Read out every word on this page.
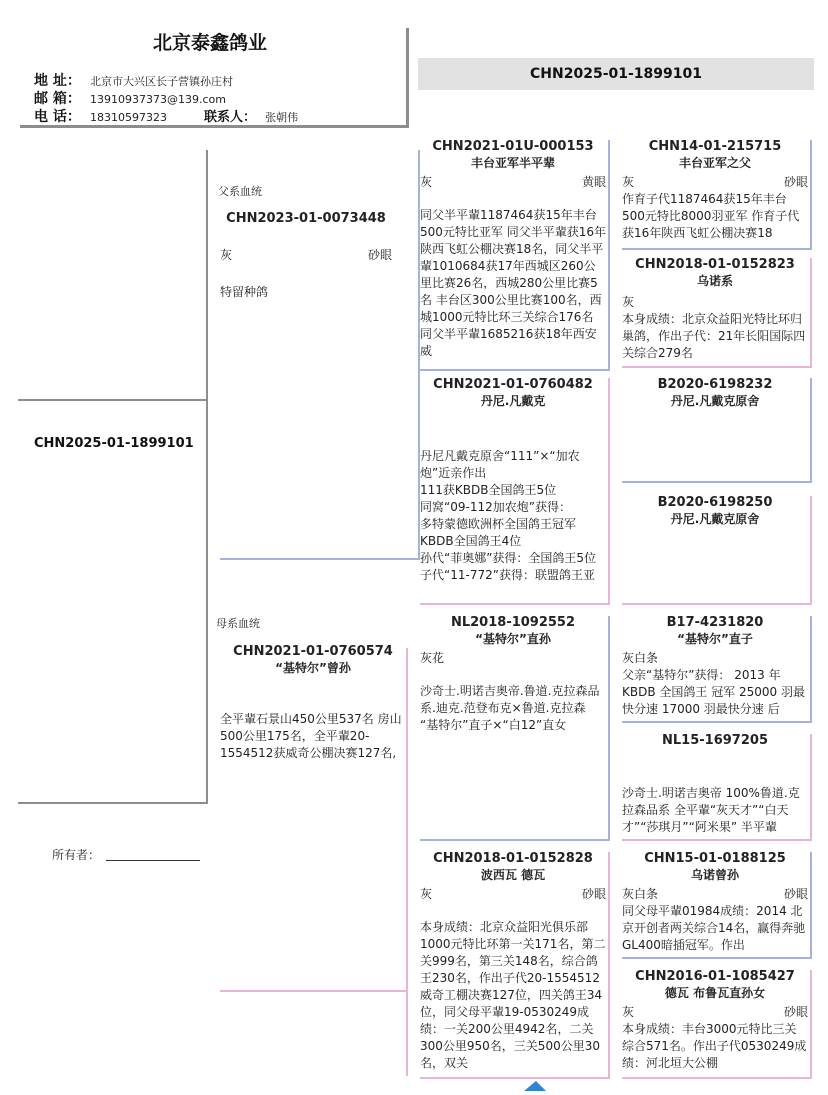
北京泰鑫鸽业
地 址： 北京市大兴区长子营镇孙庄村
邮 箱： 13910937373@139.com
电 话： 18310597323	联系人： 张朝伟
CHN2025-01-1899101
CHN2025-01-1899101
所有者：
父系血统
CHN2023-01-0073448
灰	砂眼
特留种鸽
母系血统
CHN2021-01-0760574
“基特尔”曾孙
全平輩石景山450公里537名 房山500公里175名，全平輩20-1554512获威奇公棚决赛127名,
CHN2021-01U-000153
丰台亚军半平辈
灰	黄眼
同父半平輩1187464获15年丰台500元特比亚军 同父半平輩获16年陕西飞虹公棚决赛18名，同父半平輩1010684获17年西城区260公里比赛26名，西城280公里比赛5名 丰台区300公里比赛100名，西城1000元特比环三关综合176名 同父半平輩1685216获18年西安威
CHN2021-01-0760482
丹尼.凡戴克
丹尼凡戴克原舍“111”×“加农炮”近亲作出
111获KBDB全国鸽王5位
同窝“09-112加农炮”获得：
多特蒙德欧洲杯全国鸽王冠军
KBDB全国鸽王4位
孙代“菲奥娜”获得：全国鸽王5位
子代“11-772”获得：联盟鸽王亚
NL2018-1092552
“基特尔”直孙
灰花
沙奇士.明诺吉奥帝.鲁道.克拉森品系.迪克.范登布克×鲁道.克拉森 “基特尔”直子×“白12”直女
CHN2018-01-0152828
波西瓦 德瓦
灰	砂眼
本身成绩：北京众益阳光俱乐部1000元特比环第一关171名，第二关999名，第三关148名，综合鸽王230名，作出子代20-1554512威奇工棚决赛127位，四关鸽王34位，同父母平輩19-0530249成绩：一关200公里4942名，二关300公里950名，三关500公里30名，双关
CHN14-01-215715
丰台亚军之父
灰	砂眼
作育子代1187464获15年丰台500元特比8000羽亚军 作育子代获16年陕西飞虹公棚决赛18
CHN2018-01-0152823
乌诺系
灰
本身成绩：北京众益阳光特比环归巢鸽，作出子代：21年长阳国际四关综合279名
B2020-6198232
丹尼.凡戴克原舍
B2020-6198250
丹尼.凡戴克原舍
B17-4231820
“基特尔”直子
灰白条
父亲“基特尔”获得： 2013 年 KBDB 全国鸽王 冠军 25000 羽最快分速 17000 羽最快分速 后
NL15-1697205
沙奇士.明诺吉奥帝 100%鲁道.克拉森品系 全平輩“灰天才”“白天 才”“莎琪月”“阿米果” 半平輩
CHN15-01-0188125
乌诺曾孙
灰白条	砂眼
同父母平輩01984成绩：2014 北京开创者两关综合14名，赢得奔驰GL400暗插冠军。作出
CHN2016-01-1085427
德瓦 布鲁瓦直孙女
灰	砂眼
本身成绩：丰台3000元特比三关综合571名。作出子代0530249成绩：河北垣大公棚
